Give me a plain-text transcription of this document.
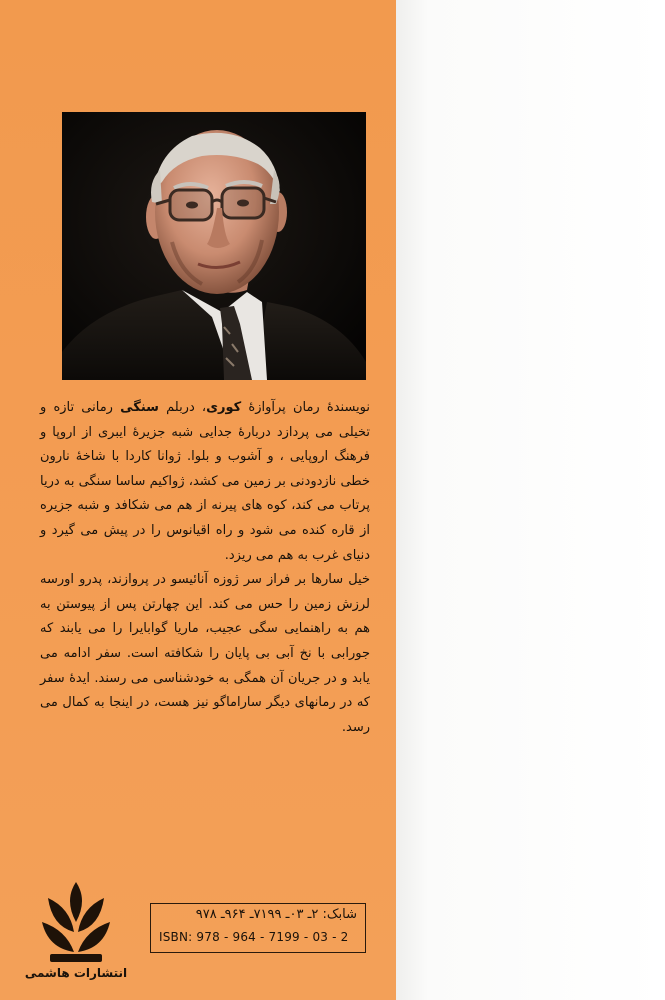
نویسندهٔ رمان پرآوازهٔ کوری، دربلم سنگی رمانی تازه و تخیلی می پردازد دربارهٔ جدایی شبه جزیرهٔ ایبری از اروپا و فرهنگ اروپایی ، و آشوب و بلوا. ژوانا کاردا با شاخهٔ نارون خطی نازدودنی بر زمین می کشد، ژواکیم ساسا سنگی به دریا پرتاب می کند، کوه های پیرنه از هم می شکافد و شبه جزیره از قاره کنده می شود و راه اقیانوس را در پیش می گیرد و دنیای غرب به هم می ریزد.

خیل سارها بر فراز سر ژوزه آنائیسو در پروازند، پدرو اورسه لرزش زمین را حس می کند. این چهارتن پس از پیوستن به هم به راهنمایی سگی عجیب، ماریا گوابایرا را می یابند که جورابی با نخ آبی بی پایان را شکافته است. سفر ادامه می یابد و در جریان آن همگی به خودشناسی می رسند. ایدهٔ سفر که در رمانهای دیگر ساراماگو نیز هست، در اینجا به کمال می رسد.

انتشارات هاشمی
شابک: ۲ـ ۰۳ـ ۷۱۹۹ـ ۹۶۴ـ ۹۷۸
ISBN: 978 - 964 - 7199 - 03 - 2
